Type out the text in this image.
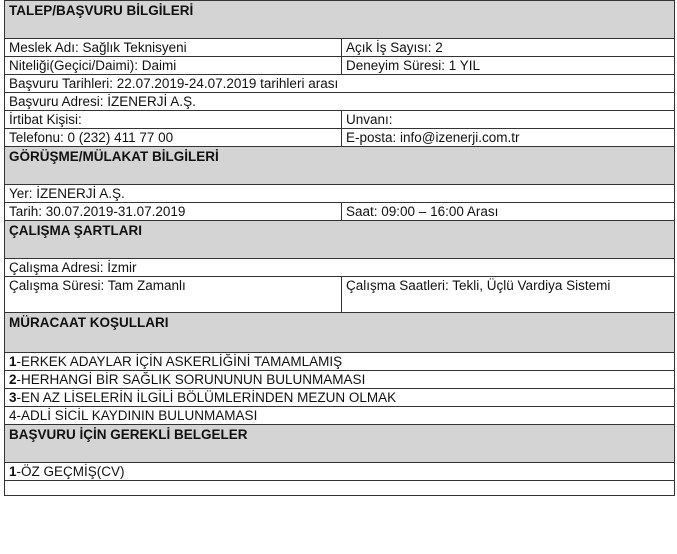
TALEP/BAŞVURU BİLGİLERİ	

Meslek Adı: Sağlık Teknisyeni	Açık İş Sayısı: 2
Niteliği(Geçici/Daimi): Daimi	Deneyim Süresi: 1 YIL
Başvuru Tarihleri: 22.07.2019-24.07.2019 tarihleri arası	
Başvuru Adresi: İZENERJİ A.Ş.	
İrtibat Kişisi:	Unvanı:
Telefonu: 0 (232) 411 77 00	E-posta: info@izenerji.com.tr

GÖRÜŞME/MÜLAKAT BİLGİLERİ	

Yer: İZENERJİ A.Ş.	
Tarih: 30.07.2019-31.07.2019	Saat: 09:00 – 16:00 Arası

ÇALIŞMA ŞARTLARI	

Çalışma Adresi: İzmir	
Çalışma Süresi: Tam Zamanlı	Çalışma Saatleri: Tekli, Üçlü Vardiya Sistemi

MÜRACAAT KOŞULLARI	

1-ERKEK ADAYLAR İÇİN ASKERLİĞİNİ TAMAMLAMIŞ	
2-HERHANGİ BİR SAĞLIK SORUNUNUN BULUNMAMASI	
3-EN AZ LİSELERİN İLGİLİ BÖLÜMLERİNDEN MEZUN OLMAK	
4-ADLİ SİCİL KAYDININ BULUNMAMASI	

BAŞVURU İÇİN GEREKLİ BELGELER	

1-ÖZ GEÇMİŞ(CV)	
